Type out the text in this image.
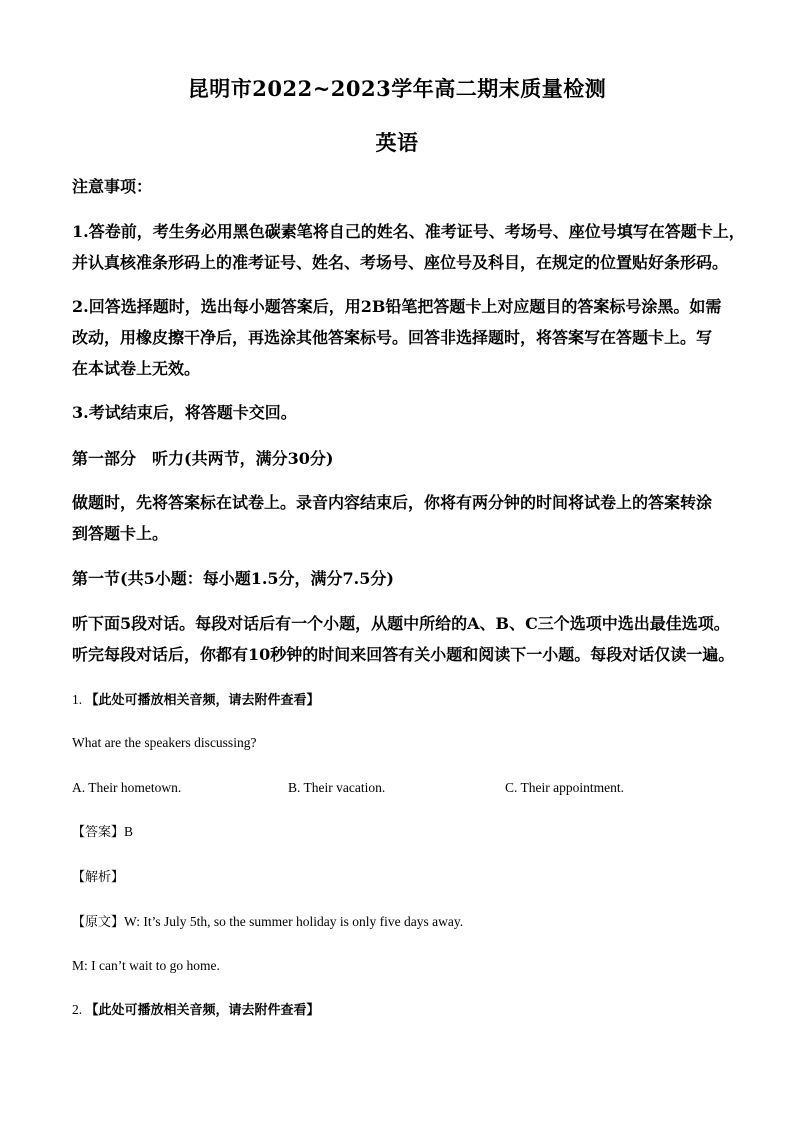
昆明市2022~2023学年高二期末质量检测
英语
注意事项：
1.答卷前，考生务必用黑色碳素笔将自己的姓名、准考证号、考场号、座位号填写在答题卡上，
并认真核准条形码上的准考证号、姓名、考场号、座位号及科目，在规定的位置贴好条形码。
2.回答选择题时，选出每小题答案后，用2B铅笔把答题卡上对应题目的答案标号涂黑。如需
改动，用橡皮擦干净后，再选涂其他答案标号。回答非选择题时，将答案写在答题卡上。写
在本试卷上无效。
3.考试结束后，将答题卡交回。
第一部分　听力(共两节，满分30分)
做题时，先将答案标在试卷上。录音内容结束后，你将有两分钟的时间将试卷上的答案转涂
到答题卡上。
第一节(共5小题：每小题1.5分，满分7.5分)
听下面5段对话。每段对话后有一个小题，从题中所给的A、B、C三个选项中选出最佳选项。
听完每段对话后，你都有10秒钟的时间来回答有关小题和阅读下一小题。每段对话仅读一遍。
1. 【此处可播放相关音频，请去附件查看】
What are the speakers discussing?
A. Their hometown.	B. Their vacation.	C. Their appointment.
【答案】B
【解析】
【原文】W: It’s July 5th, so the summer holiday is only five days away.
M: I can’t wait to go home.
2. 【此处可播放相关音频，请去附件查看】
